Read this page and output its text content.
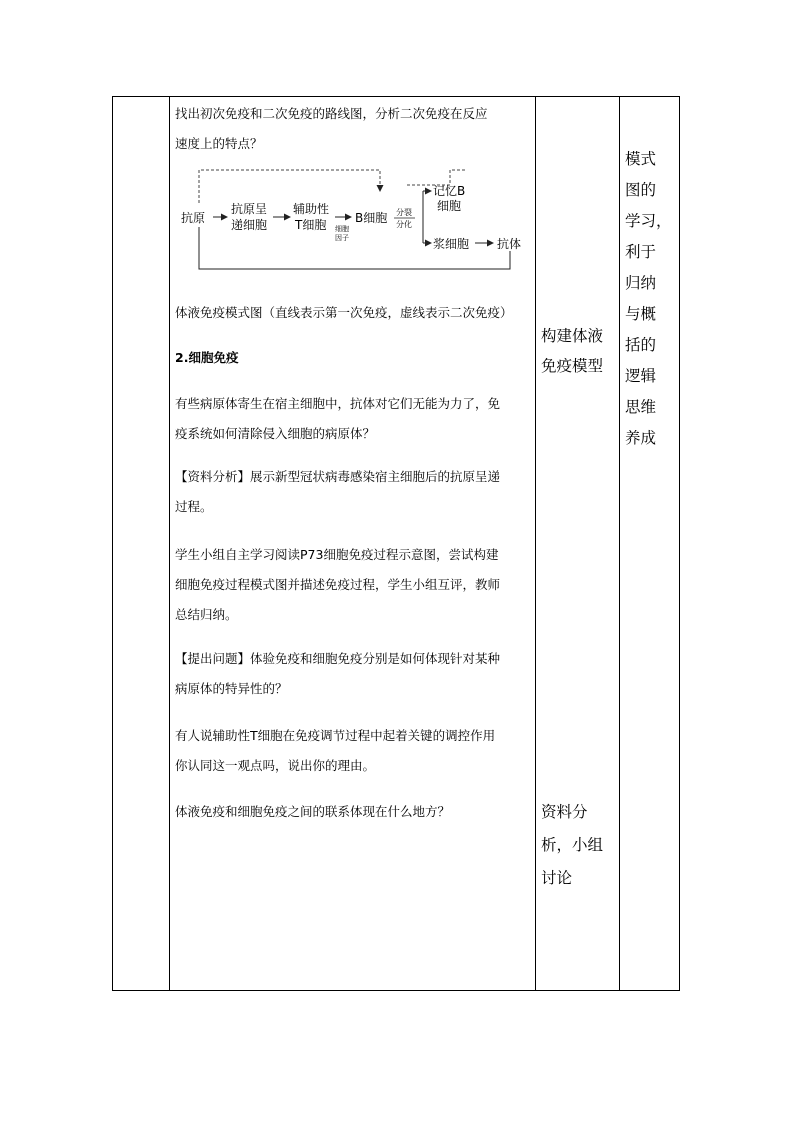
找出初次免疫和二次免疫的路线图，分析二次免疫在反应
速度上的特点？
抗原
抗原呈
递细胞
辅助性
T细胞 细胞
因子
B细胞 分裂
分化
记忆B
细胞
浆细胞 抗体
体液免疫模式图（直线表示第一次免疫，虚线表示二次免疫）
2.细胞免疫
有些病原体寄生在宿主细胞中，抗体对它们无能为力了，免
疫系统如何清除侵入细胞的病原体？
【资料分析】展示新型冠状病毒感染宿主细胞后的抗原呈递
过程。
学生小组自主学习阅读P73细胞免疫过程示意图，尝试构建
细胞免疫过程模式图并描述免疫过程，学生小组互评，教师
总结归纳。
【提出问题】体验免疫和细胞免疫分别是如何体现针对某种
病原体的特异性的？
有人说辅助性T细胞在免疫调节过程中起着关键的调控作用
你认同这一观点吗，说出你的理由。
体液免疫和细胞免疫之间的联系体现在什么地方？
构建体液
免疫模型
资料分
析，小组
讨论
模式
图的
学习，
利于
归纳
与概
括的
逻辑
思维
养成
